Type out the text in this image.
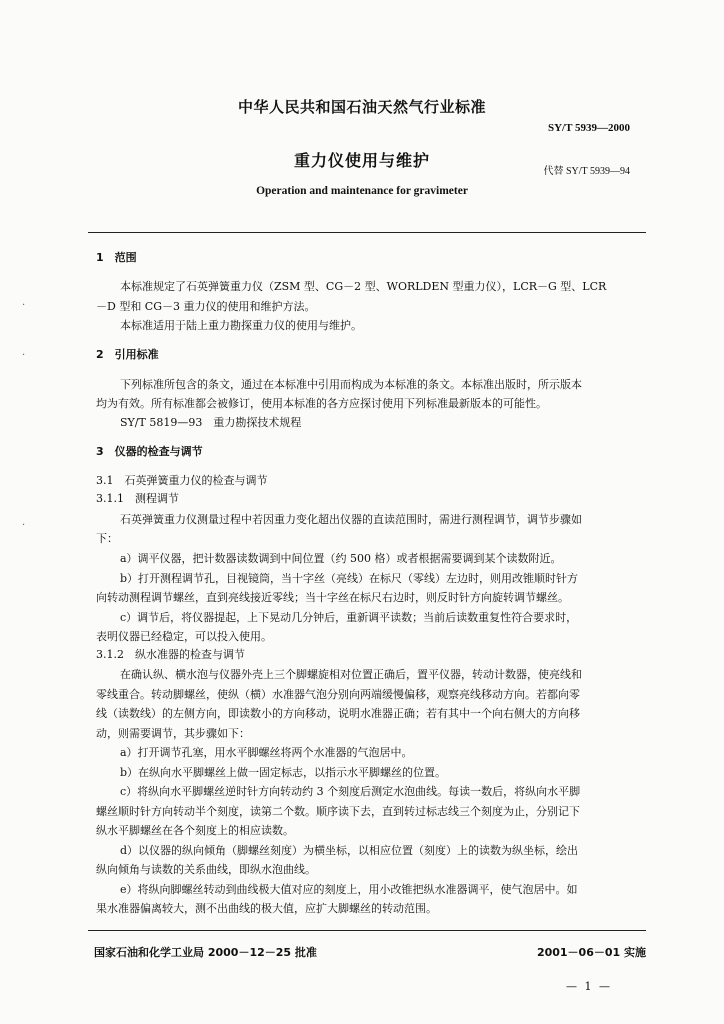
中华人民共和国石油天然气行业标准
SY/T 5939—2000
重力仪使用与维护
代替 SY/T 5939—94
Operation and maintenance for gravimeter
·
·
·
1　范围
本标准规定了石英弹簧重力仪（ZSM 型、CG－2 型、WORLDEN 型重力仪），LCR－G 型、LCR
－D 型和 CG－3 重力仪的使用和维护方法。
本标准适用于陆上重力勘探重力仪的使用与维护。
2　引用标准
下列标准所包含的条文，通过在本标准中引用而构成为本标准的条文。本标准出版时，所示版本
均为有效。所有标准都会被修订，使用本标准的各方应探讨使用下列标准最新版本的可能性。
SY/T 5819—93　重力勘探技术规程
3　仪器的检查与调节
3.1　石英弹簧重力仪的检查与调节
3.1.1　测程调节
石英弹簧重力仪测量过程中若因重力变化超出仪器的直读范围时，需进行测程调节，调节步骤如
下：
a）调平仪器，把计数器读数调到中间位置（约 500 格）或者根据需要调到某个读数附近。
b）打开测程调节孔，目视镜筒，当十字丝（亮线）在标尺（零线）左边时，则用改锥顺时针方
向转动测程调节螺丝，直到亮线接近零线；当十字丝在标尺右边时，则反时针方向旋转调节螺丝。
c）调节后，将仪器提起，上下晃动几分钟后，重新调平读数；当前后读数重复性符合要求时，
表明仪器已经稳定，可以投入使用。
3.1.2　纵水准器的检查与调节
在确认纵、横水泡与仪器外壳上三个脚螺旋相对位置正确后，置平仪器，转动计数器，使亮线和
零线重合。转动脚螺丝，使纵（横）水准器气泡分别向两端缓慢偏移，观察亮线移动方向。若都向零
线（读数线）的左侧方向，即读数小的方向移动，说明水准器正确；若有其中一个向右侧大的方向移
动，则需要调节，其步骤如下：
a）打开调节孔塞，用水平脚螺丝将两个水准器的气泡居中。
b）在纵向水平脚螺丝上做一固定标志，以指示水平脚螺丝的位置。
c）将纵向水平脚螺丝逆时针方向转动约 3 个刻度后测定水泡曲线。每读一数后，将纵向水平脚
螺丝顺时针方向转动半个刻度，读第二个数。顺序读下去，直到转过标志线三个刻度为止，分别记下
纵水平脚螺丝在各个刻度上的相应读数。
d）以仪器的纵向倾角（脚螺丝刻度）为横坐标，以相应位置（刻度）上的读数为纵坐标，绘出
纵向倾角与读数的关系曲线，即纵水泡曲线。
e）将纵向脚螺丝转动到曲线极大值对应的刻度上，用小改锥把纵水准器调平，使气泡居中。如
果水准器偏离较大，测不出曲线的极大值，应扩大脚螺丝的转动范围。
国家石油和化学工业局 2000－12－25 批准	2001－06－01 实施
— 1 —
